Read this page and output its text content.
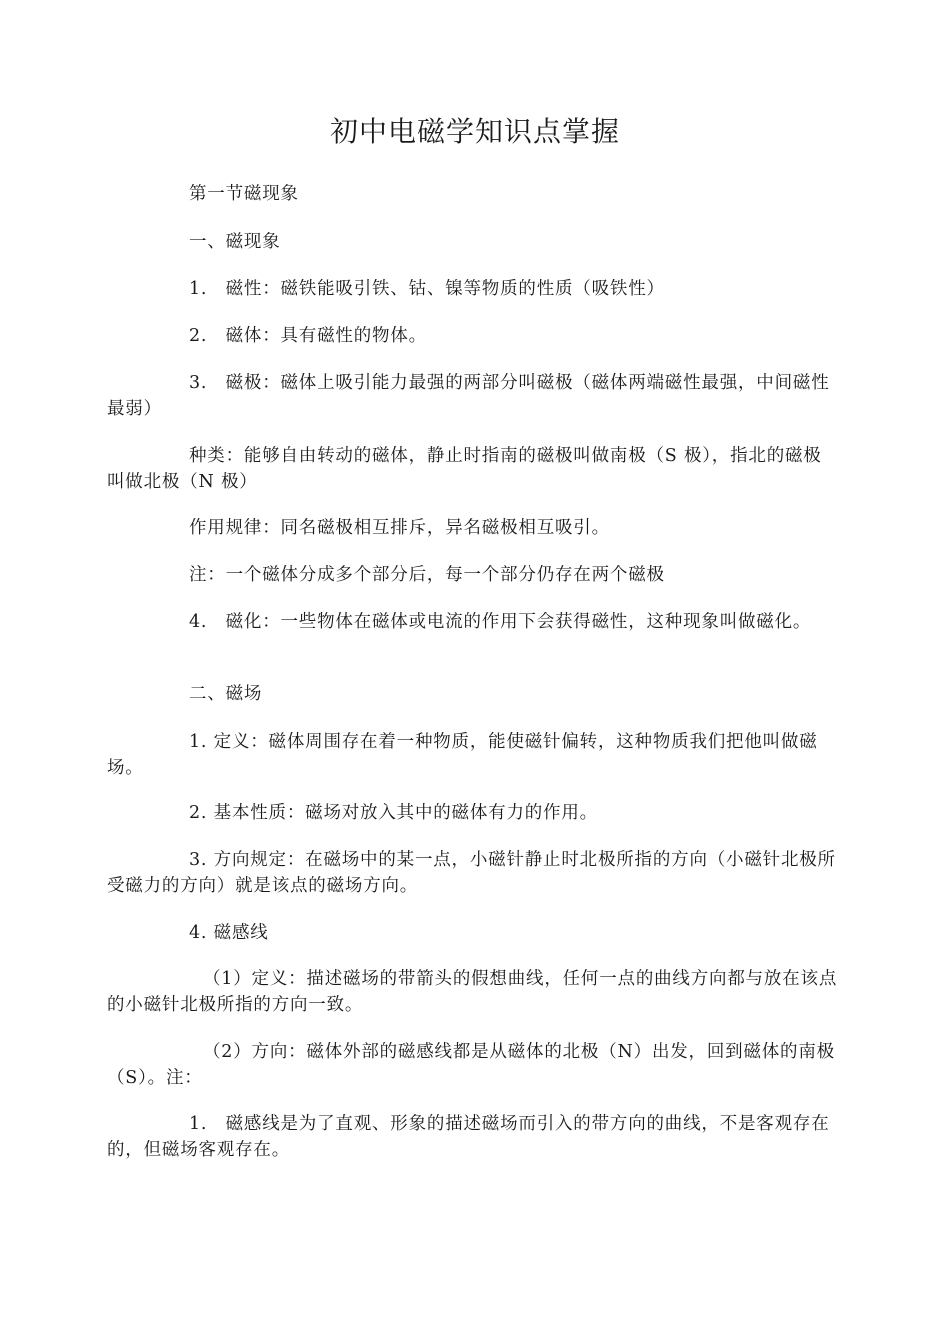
初中电磁学知识点掌握

第一节磁现象

一、磁现象

1.　磁性：磁铁能吸引铁、钴、镍等物质的性质（吸铁性）

2.　磁体：具有磁性的物体。

3.　磁极：磁体上吸引能力最强的两部分叫磁极（磁体两端磁性最强，中间磁性最弱）

种类：能够自由转动的磁体，静止时指南的磁极叫做南极（S 极），指北的磁极叫做北极（N 极）

作用规律：同名磁极相互排斥，异名磁极相互吸引。

注：一个磁体分成多个部分后，每一个部分仍存在两个磁极

4.　磁化：一些物体在磁体或电流的作用下会获得磁性，这种现象叫做磁化。

二、磁场

1. 定义：磁体周围存在着一种物质，能使磁针偏转，这种物质我们把他叫做磁场。

2. 基本性质：磁场对放入其中的磁体有力的作用。

3. 方向规定：在磁场中的某一点，小磁针静止时北极所指的方向（小磁针北极所受磁力的方向）就是该点的磁场方向。

4. 磁感线

（1）定义：描述磁场的带箭头的假想曲线，任何一点的曲线方向都与放在该点的小磁针北极所指的方向一致。

（2）方向：磁体外部的磁感线都是从磁体的北极（N）出发，回到磁体的南极（S）。注：

1.　磁感线是为了直观、形象的描述磁场而引入的带方向的曲线，不是客观存在的，但磁场客观存在。
